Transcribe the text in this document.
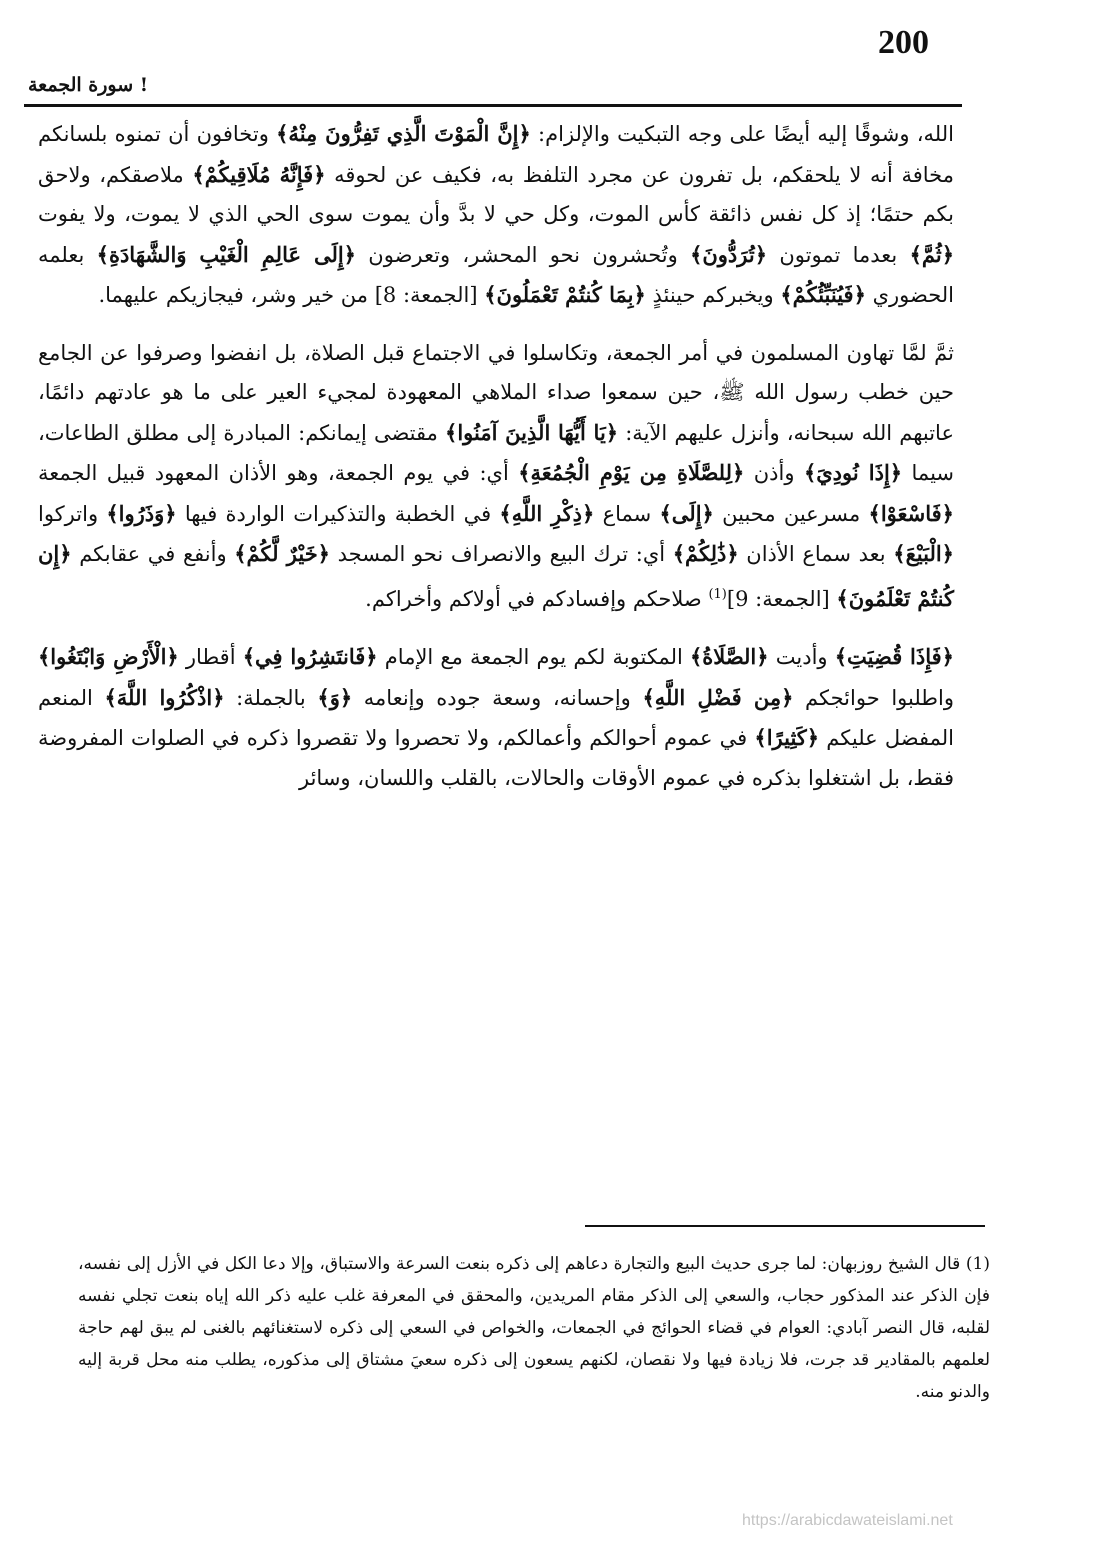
200
! سورة الجمعة

الله، وشوقًا إليه أيضًا على وجه التبكيت والإلزام: ﴿إِنَّ الْمَوْتَ الَّذِي تَفِرُّونَ مِنْهُ﴾ وتخافون أن تمنوه بلسانكم مخافة أنه لا يلحقكم، بل تفرون عن مجرد التلفظ به، فكيف عن لحوقه ﴿فَإِنَّهُ مُلَاقِيكُمْ﴾ ملاصقكم، ولاحق بكم حتمًا؛ إذ كل نفس ذائقة كأس الموت، وكل حي لا بدَّ وأن يموت سوى الحي الذي لا يموت، ولا يفوت ﴿ثُمَّ﴾ بعدما تموتون ﴿تُرَدُّونَ﴾ وتُحشرون نحو المحشر، وتعرضون ﴿إِلَى عَالِمِ الْغَيْبِ وَالشَّهَادَةِ﴾ بعلمه الحضوري ﴿فَيُنَبِّئُكُمْ﴾ ويخبركم حينئذٍ ﴿بِمَا كُنتُمْ تَعْمَلُونَ﴾ [الجمعة: 8] من خير وشر، فيجازيكم عليهما.

ثمَّ لمَّا تهاون المسلمون في أمر الجمعة، وتكاسلوا في الاجتماع قبل الصلاة، بل انفضوا وصرفوا عن الجامع حين خطب رسول الله ﷺ، حين سمعوا صداء الملاهي المعهودة لمجيء العير على ما هو عادتهم دائمًا، عاتبهم الله سبحانه، وأنزل عليهم الآية: ﴿يَا أَيُّهَا الَّذِينَ آمَنُوا﴾ مقتضى إيمانكم: المبادرة إلى مطلق الطاعات، سيما ﴿إِذَا نُودِيَ﴾ وأذن ﴿لِلصَّلَاةِ مِن يَوْمِ الْجُمُعَةِ﴾ أي: في يوم الجمعة، وهو الأذان المعهود قبيل الجمعة ﴿فَاسْعَوْا﴾ مسرعين محبين ﴿إِلَى﴾ سماع ﴿ذِكْرِ اللَّهِ﴾ في الخطبة والتذكيرات الواردة فيها ﴿وَذَرُوا﴾ واتركوا ﴿الْبَيْعَ﴾ بعد سماع الأذان ﴿ذَٰلِكُمْ﴾ أي: ترك البيع والانصراف نحو المسجد ﴿خَيْرٌ لَّكُمْ﴾ وأنفع في عقابكم ﴿إِن كُنتُمْ تَعْلَمُونَ﴾ [الجمعة: 9]$^{(1)}$ صلاحكم وإفسادكم في أولاكم وأخراكم.

﴿فَإِذَا قُضِيَتِ﴾ وأديت ﴿الصَّلَاةُ﴾ المكتوبة لكم يوم الجمعة مع الإمام ﴿فَانتَشِرُوا فِي﴾ أقطار ﴿الْأَرْضِ وَابْتَغُوا﴾ واطلبوا حوائجكم ﴿مِن فَضْلِ اللَّهِ﴾ وإحسانه، وسعة جوده وإنعامه ﴿وَ﴾ بالجملة: ﴿اذْكُرُوا اللَّهَ﴾ المنعم المفضل عليكم ﴿كَثِيرًا﴾ في عموم أحوالكم وأعمالكم، ولا تحصروا ولا تقصروا ذكره في الصلوات المفروضة فقط، بل اشتغلوا بذكره في عموم الأوقات والحالات، بالقلب واللسان، وسائر

(1) قال الشيخ روزبهان: لما جرى حديث البيع والتجارة دعاهم إلى ذكره بنعت السرعة والاستباق، وإلا دعا الكل في الأزل إلى نفسه، فإن الذكر عند المذكور حجاب، والسعي إلى الذكر مقام المريدين، والمحقق في المعرفة غلب عليه ذكر الله إياه بنعت تجلي نفسه لقلبه، قال النصر آبادي: العوام في قضاء الحوائج في الجمعات، والخواص في السعي إلى ذكره لاستغنائهم بالغنى لم يبق لهم حاجة لعلمهم بالمقادير قد جرت، فلا زيادة فيها ولا نقصان، لكنهم يسعون إلى ذكره سعيَ مشتاق إلى مذكوره، يطلب منه محل قربة إليه والدنو منه.

https://arabicdawateislami.net
